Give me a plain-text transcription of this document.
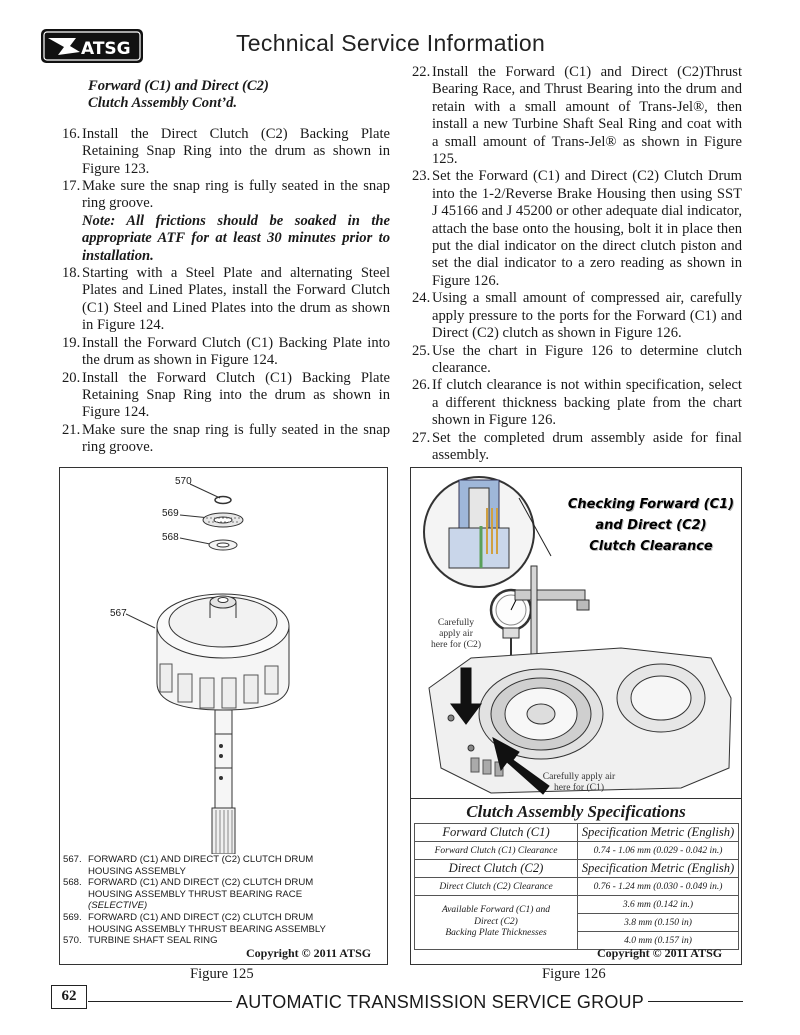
ATSG	Technical Service Information
Forward (C1) and Direct (C2)
Clutch Assembly Cont’d.
16. Install the Direct Clutch (C2) Backing Plate Retaining Snap Ring into the drum as shown in Figure 123.
17. Make sure the snap ring is fully seated in the snap ring groove.
Note: All frictions should be soaked in the appropriate ATF for at least 30 minutes prior to installation.
18. Starting with a Steel Plate and alternating Steel Plates and Lined Plates, install the Forward Clutch (C1) Steel and Lined Plates into the drum as shown in Figure 124.
19. Install the Forward Clutch (C1) Backing Plate into the drum as shown in Figure 124.
20. Install the Forward Clutch (C1) Backing Plate Retaining Snap Ring into the drum as shown in Figure 124.
21. Make sure the snap ring is fully seated in the snap ring groove.
22. Install the Forward (C1) and Direct (C2)Thrust Bearing Race, and Thrust Bearing into the drum and retain with a small amount of Trans-Jel®, then install a new Turbine Shaft Seal Ring and coat with a small amount of Trans-Jel® as shown in Figure 125.
23. Set the Forward (C1) and Direct (C2) Clutch Drum into the 1-2/Reverse Brake Housing then using SST J 45166 and J 45200 or other adequate dial indicator, attach the base onto the housing, bolt it in place then put the dial indicator on the direct clutch piston and set the dial indicator to a zero reading as shown in Figure 126.
24. Using a small amount of compressed air, carefully apply pressure to the ports for the Forward (C1) and Direct (C2) clutch as shown in Figure 126.
25. Use the chart in Figure 126 to determine clutch clearance.
26. If clutch clearance is not within specification, select a different thickness backing plate from the chart shown in Figure 126.
27. Set the completed drum assembly aside for final assembly.
570
569
568
567
567. FORWARD (C1) AND DIRECT (C2) CLUTCH DRUM
HOUSING ASSEMBLY
568. FORWARD (C1) AND DIRECT (C2) CLUTCH DRUM
HOUSING ASSEMBLY THRUST BEARING RACE
(SELECTIVE)
569. FORWARD (C1) AND DIRECT (C2) CLUTCH DRUM
HOUSING ASSEMBLY THRUST BEARING ASSEMBLY
570. TURBINE SHAFT SEAL RING
Copyright © 2011 ATSG
Figure 125
Checking Forward (C1)
and Direct (C2)
Clutch Clearance
Carefully
apply air
here for (C2)
Carefully apply air
here for (C1)
Clutch Assembly Specifications
Forward Clutch (C1)	Specification Metric (English)
Forward Clutch (C1) Clearance	0.74 - 1.06 mm (0.029 - 0.042 in.)
Direct Clutch (C2)	Specification Metric (English)
Direct Clutch (C2) Clearance	0.76 - 1.24 mm (0.030 - 0.049 in.)

Available Forward (C1) and
Direct (C2)
Backing Plate Thicknesses	3.6 mm (0.142 in.)
	3.8 mm (0.150 in)
	4.0 mm (0.157 in)
Copyright © 2011 ATSG
Figure 126
62	AUTOMATIC TRANSMISSION SERVICE GROUP
